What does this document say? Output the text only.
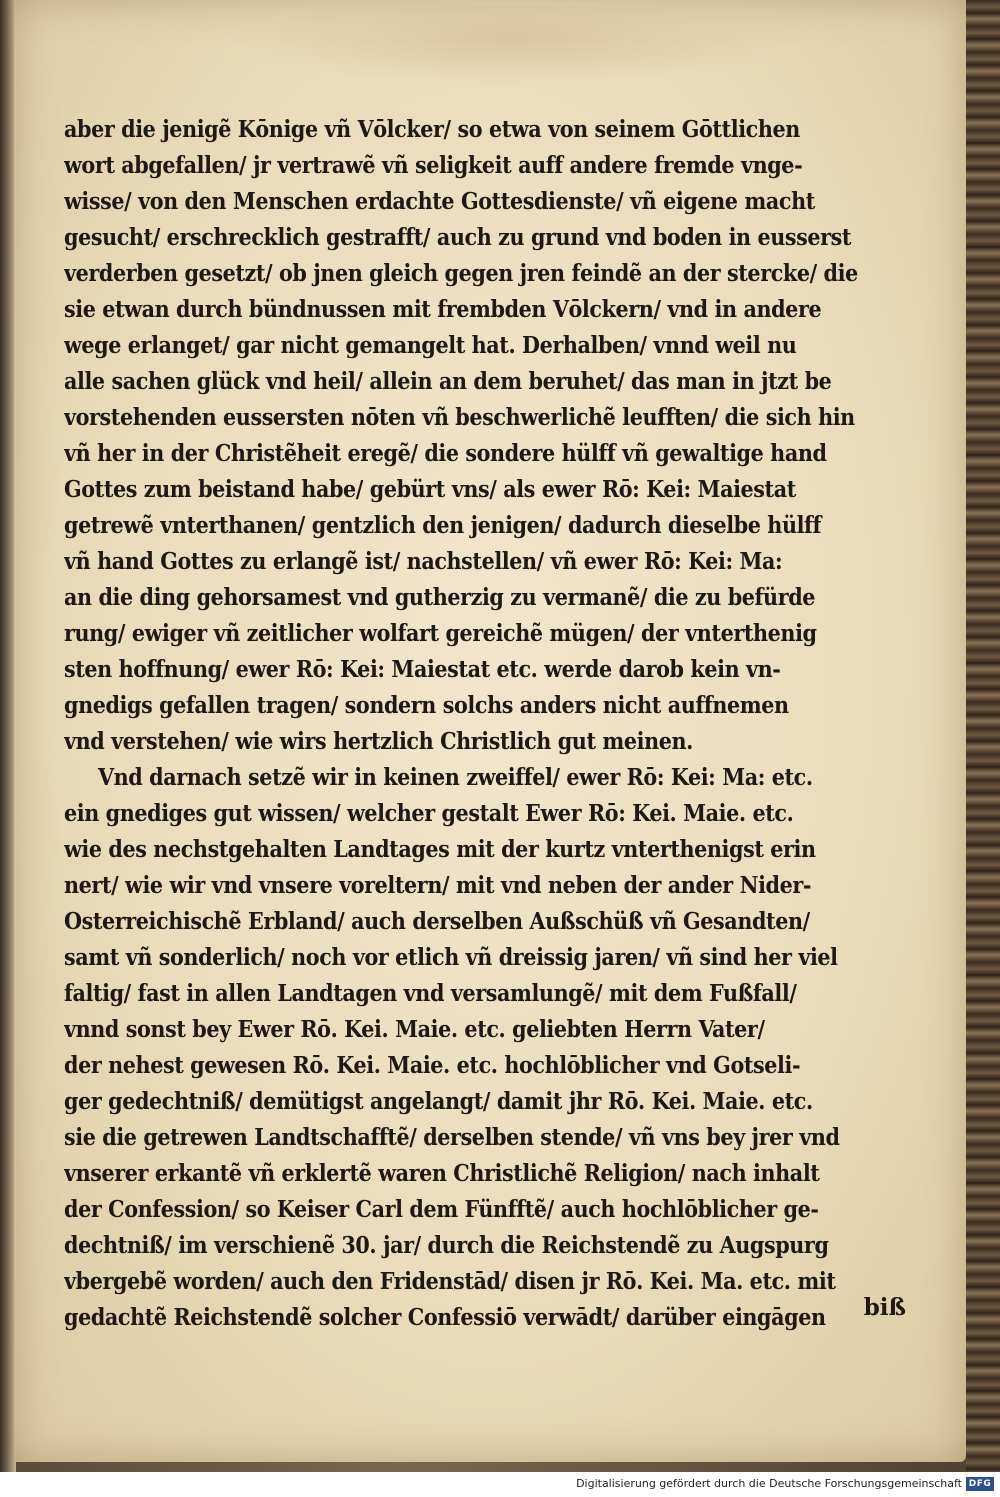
aber die jenigẽ Kōnige vñ Vōlcker/ so etwa von seinem Gōttlichen
wort abgefallen/ jr vertrawẽ vñ seligkeit auff andere fremde vnge-
wisse/ von den Menschen erdachte Gottesdienste/ vñ eigene macht
gesucht/ erschrecklich gestrafft/ auch zu grund vnd boden in eusserst
verderben gesetzt/ ob jnen gleich gegen jren feindẽ an der stercke/ die
sie etwan durch bündnussen mit frembden Vōlckern/ vnd in andere
wege erlanget/ gar nicht gemangelt hat. Derhalben/ vnnd weil nu
alle sachen glück vnd heil/ allein an dem beruhet/ das man in jtzt be
vorstehenden eussersten nōten vñ beschwerlichẽ leufften/ die sich hin
vñ her in der Christẽheit eregẽ/ die sondere hülff vñ gewaltige hand
Gottes zum beistand habe/ gebürt vns/ als ewer Rō: Kei: Maiestat
getrewẽ vnterthanen/ gentzlich den jenigen/ dadurch dieselbe hülff
vñ hand Gottes zu erlangẽ ist/ nachstellen/ vñ ewer Rō: Kei: Ma:
an die ding gehorsamest vnd gutherzig zu vermanẽ/ die zu befürde
rung/ ewiger vñ zeitlicher wolfart gereichẽ mügen/ der vnterthenig
sten hoffnung/ ewer Rō: Kei: Maiestat etc. werde darob kein vn-
gnedigs gefallen tragen/ sondern solchs anders nicht auffnemen
vnd verstehen/ wie wirs hertzlich Christlich gut meinen.
Vnd darnach setzẽ wir in keinen zweiffel/ ewer Rō: Kei: Ma: etc.
ein gnediges gut wissen/ welcher gestalt Ewer Rō: Kei. Maie. etc.
wie des nechstgehalten Landtages mit der kurtz vnterthenigst erin
nert/ wie wir vnd vnsere voreltern/ mit vnd neben der ander Nider-
Osterreichischẽ Erbland/ auch derselben Außschüß vñ Gesandten/
samt vñ sonderlich/ noch vor etlich vñ dreissig jaren/ vñ sind her viel
faltig/ fast in allen Landtagen vnd versamlungẽ/ mit dem Fußfall/
vnnd sonst bey Ewer Rō. Kei. Maie. etc. geliebten Herrn Vater/
der nehest gewesen Rō. Kei. Maie. etc. hochlōblicher vnd Gotseli-
ger gedechtniß/ demütigst angelangt/ damit jhr Rō. Kei. Maie. etc.
sie die getrewen Landtschafftẽ/ derselben stende/ vñ vns bey jrer vnd
vnserer erkantẽ vñ erklertẽ waren Christlichẽ Religion/ nach inhalt
der Confession/ so Keiser Carl dem Fünfftẽ/ auch hochlōblicher ge-
dechtniß/ im verschienẽ 30. jar/ durch die Reichstendẽ zu Augspurg
vbergebẽ worden/ auch den Fridenstād/ disen jr Rō. Kei. Ma. etc. mit
gedachtẽ Reichstendẽ solcher Confessiō verwādt/ darüber eingāgen	biß
Digitalisierung gefördert durch die Deutsche Forschungsgemeinschaft DFG
